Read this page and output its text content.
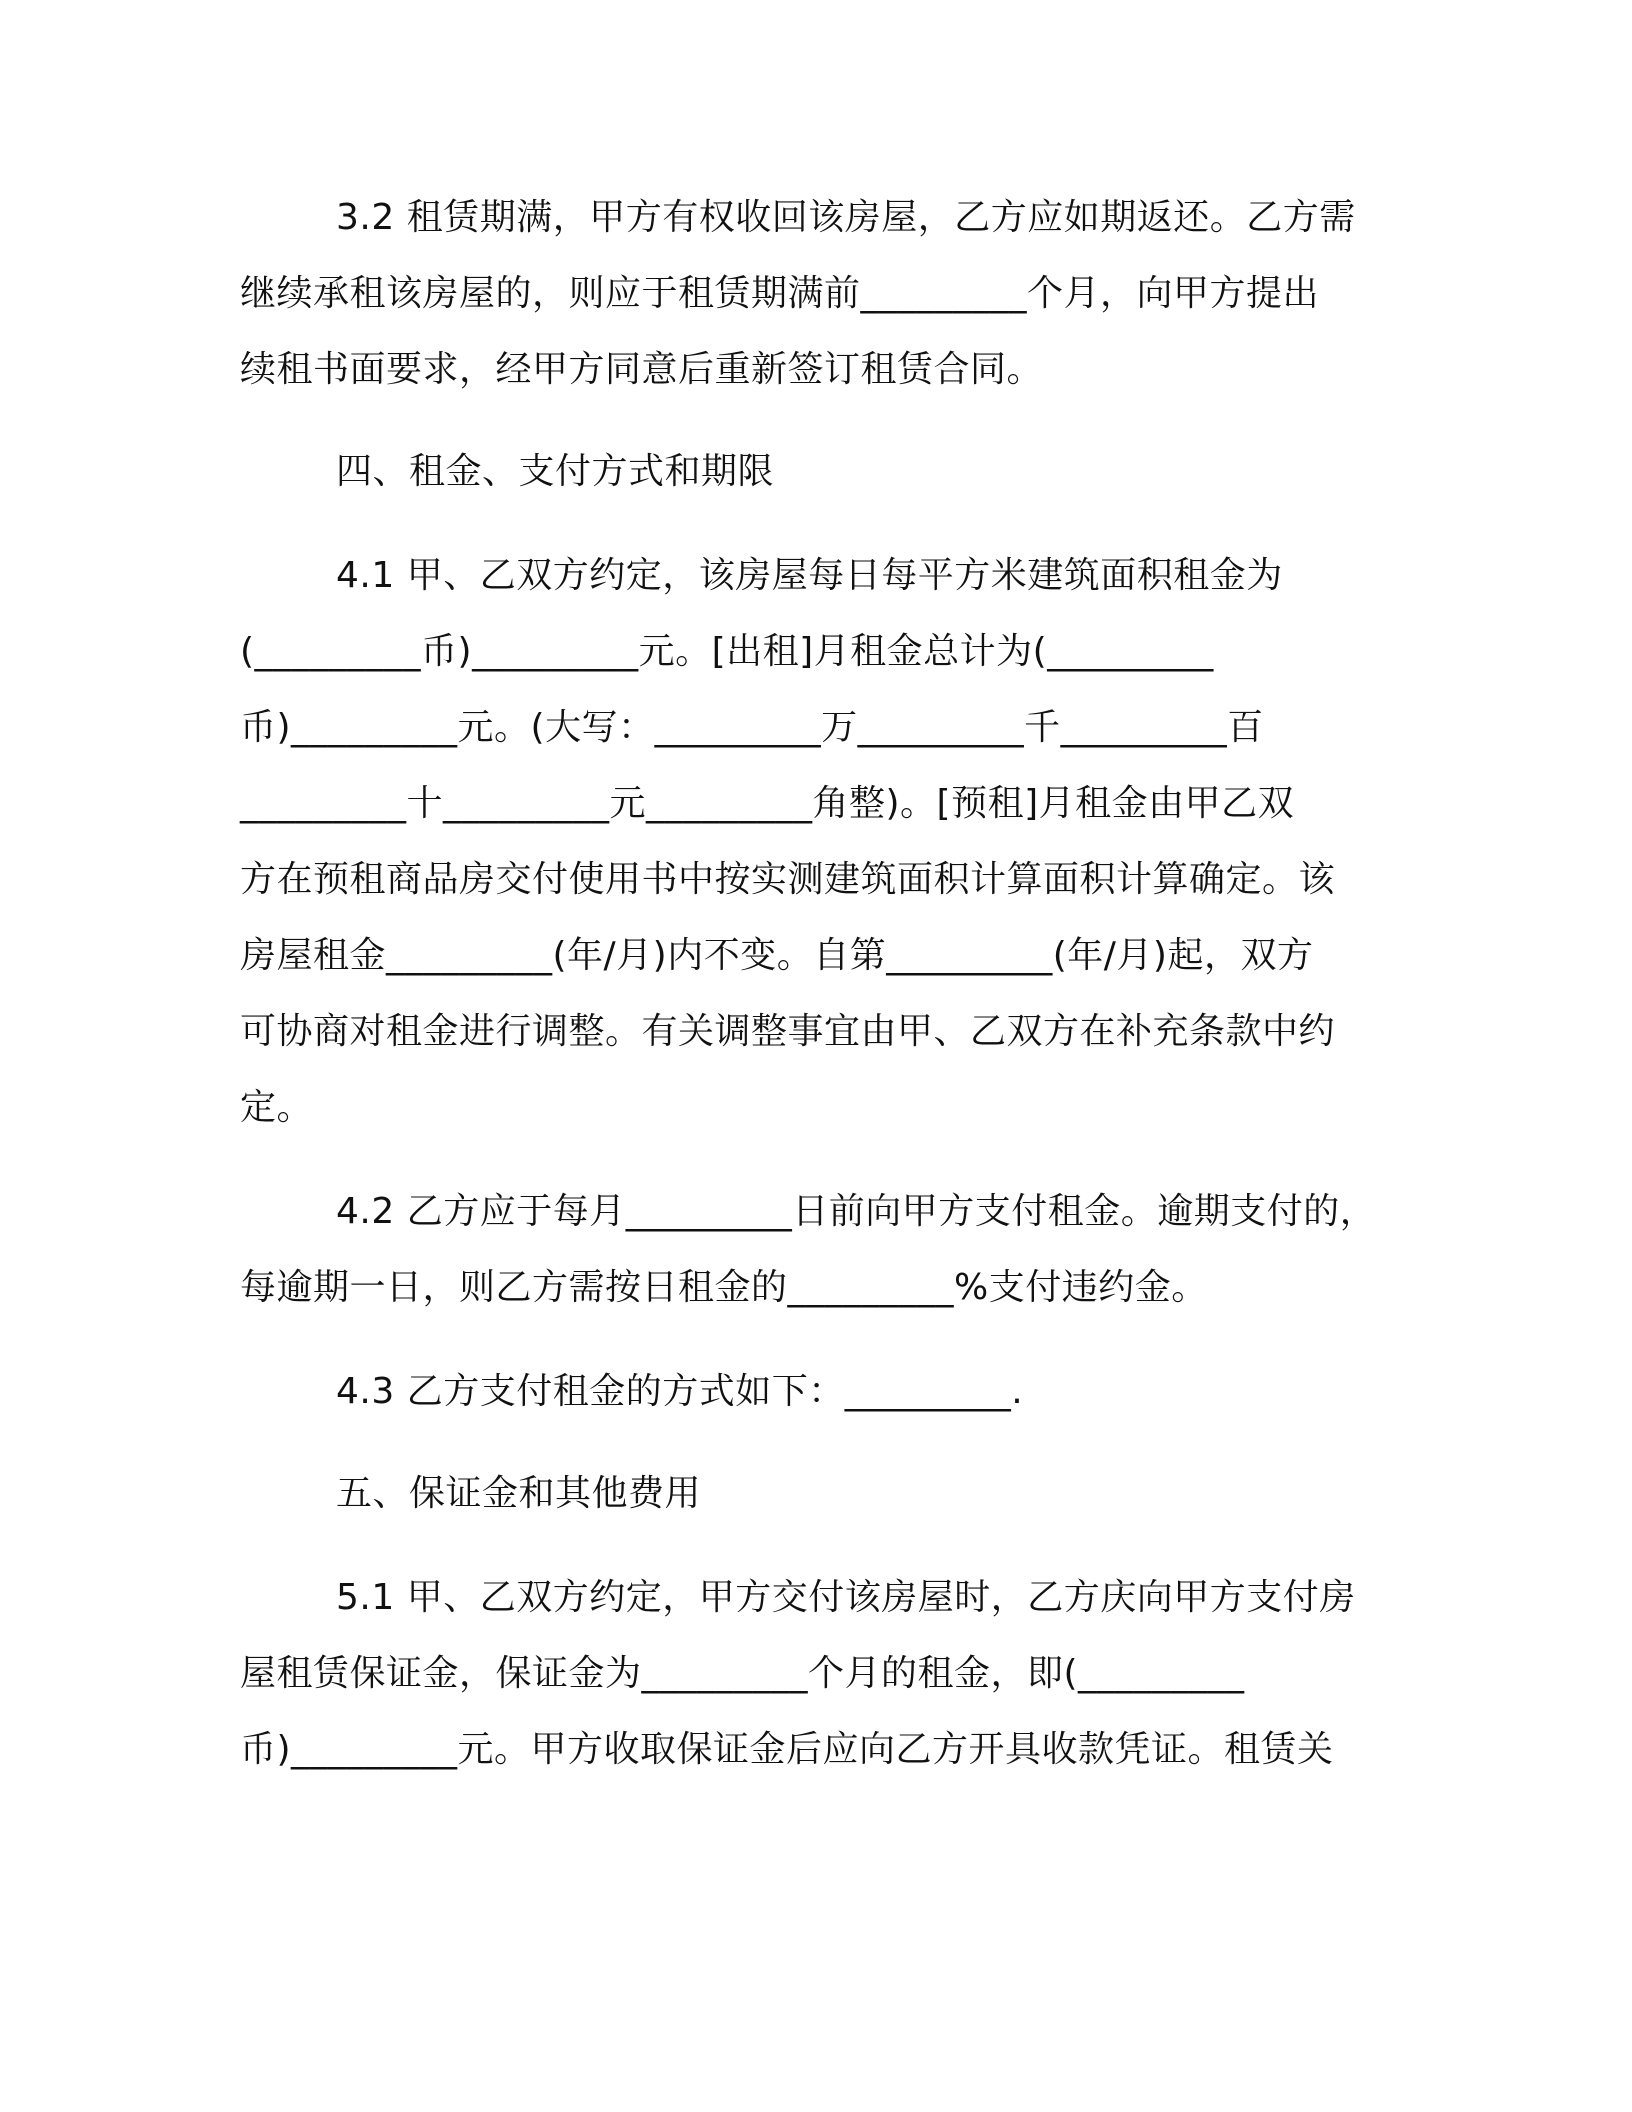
3.2 租赁期满，甲方有权收回该房屋，乙方应如期返还。乙方需
继续承租该房屋的，则应于租赁期满前_________个月，向甲方提出
续租书面要求，经甲方同意后重新签订租赁合同。
四、租金、支付方式和期限
4.1 甲、乙双方约定，该房屋每日每平方米建筑面积租金为
(_________币)_________元。[出租]月租金总计为(_________
币)_________元。(大写：_________万_________千_________百
_________十_________元_________角整)。[预租]月租金由甲乙双
方在预租商品房交付使用书中按实测建筑面积计算面积计算确定。该
房屋租金_________(年/月)内不变。自第_________(年/月)起，双方
可协商对租金进行调整。有关调整事宜由甲、乙双方在补充条款中约
定。
4.2 乙方应于每月_________日前向甲方支付租金。逾期支付的，
每逾期一日，则乙方需按日租金的_________%支付违约金。
4.3 乙方支付租金的方式如下：_________.
五、保证金和其他费用
5.1 甲、乙双方约定，甲方交付该房屋时，乙方庆向甲方支付房
屋租赁保证金，保证金为_________个月的租金，即(_________
币)_________元。甲方收取保证金后应向乙方开具收款凭证。租赁关
